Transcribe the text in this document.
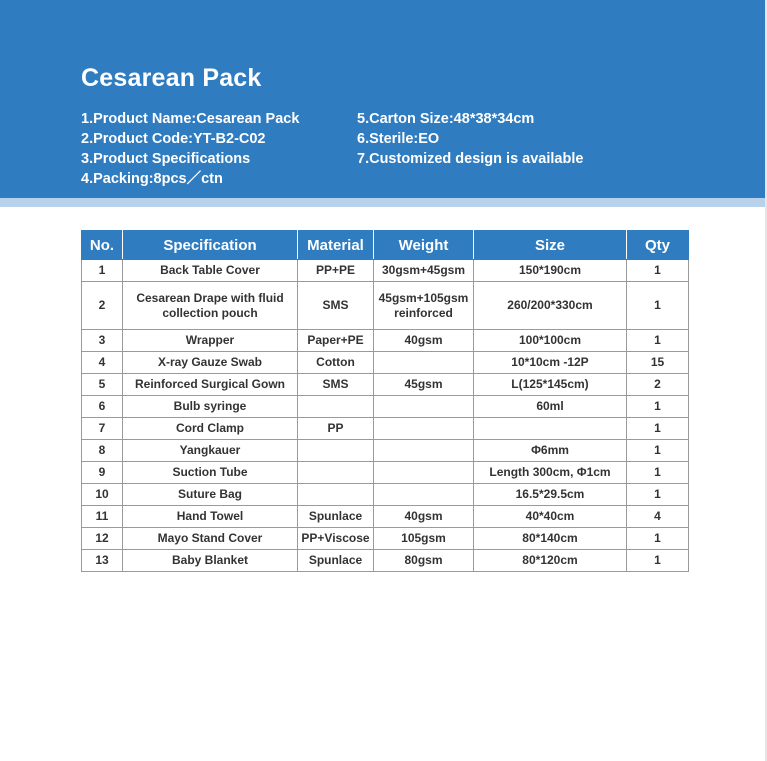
Cesarean Pack
1.Product Name:Cesarean Pack
2.Product Code:YT-B2-C02
3.Product Specifications
4.Packing:8pcs／ctn
5.Carton Size:48*38*34cm
6.Sterile:EO
7.Customized design is available
No.	Specification	Material	Weight	Size	Qty
1	Back Table Cover	PP+PE	30gsm+45gsm	150*190cm	1
2	Cesarean Drape with fluid collection pouch	SMS	45gsm+105gsm reinforced	260/200*330cm	1
3	Wrapper	Paper+PE	40gsm	100*100cm	1
4	X-ray Gauze Swab	Cotton		10*10cm -12P	15
5	Reinforced Surgical Gown	SMS	45gsm	L(125*145cm)	2
6	Bulb syringe			60ml	1
7	Cord Clamp	PP			1
8	Yangkauer			Φ6mm	1
9	Suction Tube			Length 300cm, Φ1cm	1
10	Suture Bag			16.5*29.5cm	1
11	Hand Towel	Spunlace	40gsm	40*40cm	4
12	Mayo Stand Cover	PP+Viscose	105gsm	80*140cm	1
13	Baby Blanket	Spunlace	80gsm	80*120cm	1
